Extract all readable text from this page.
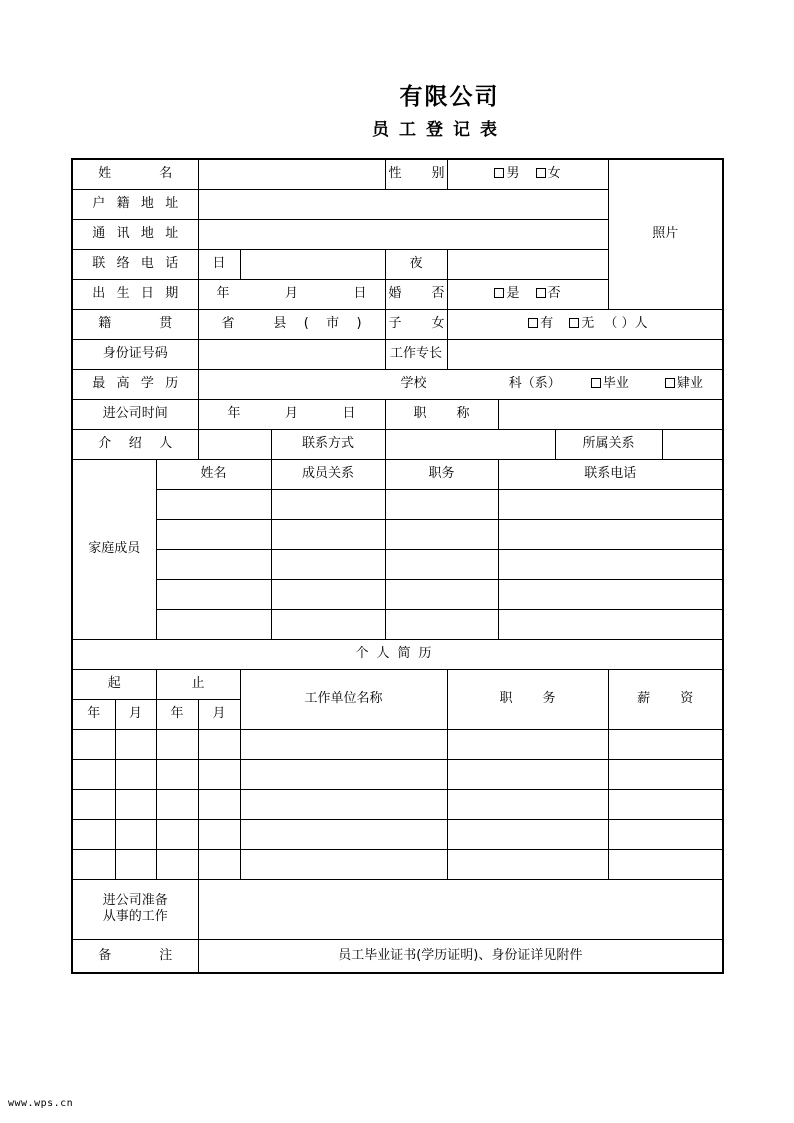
有限公司
员工登记表
姓名						性别	男 女			照片	
户籍地址											
通讯地址											
联络电话			日			夜					
出生日期			年 月 日			婚否	是 否				
籍贯			省 县(市)			子女	有 无 （ ）人				
身份证号码						工作专长					
最高学历			学校 科（系） 毕业 肄业								
进公司时间			年 月 日			职称					
介绍人					联系方式				所属关系		
家庭成员		姓名			成员关系	职务		联系电话			

个人简历											
起		止		工作单位名称			职务			薪资	
年	月	年	月								

进公司准备
从事的工作											

备注			员工毕业证书(学历证明)、身份证详见附件								
www.wps.cn
